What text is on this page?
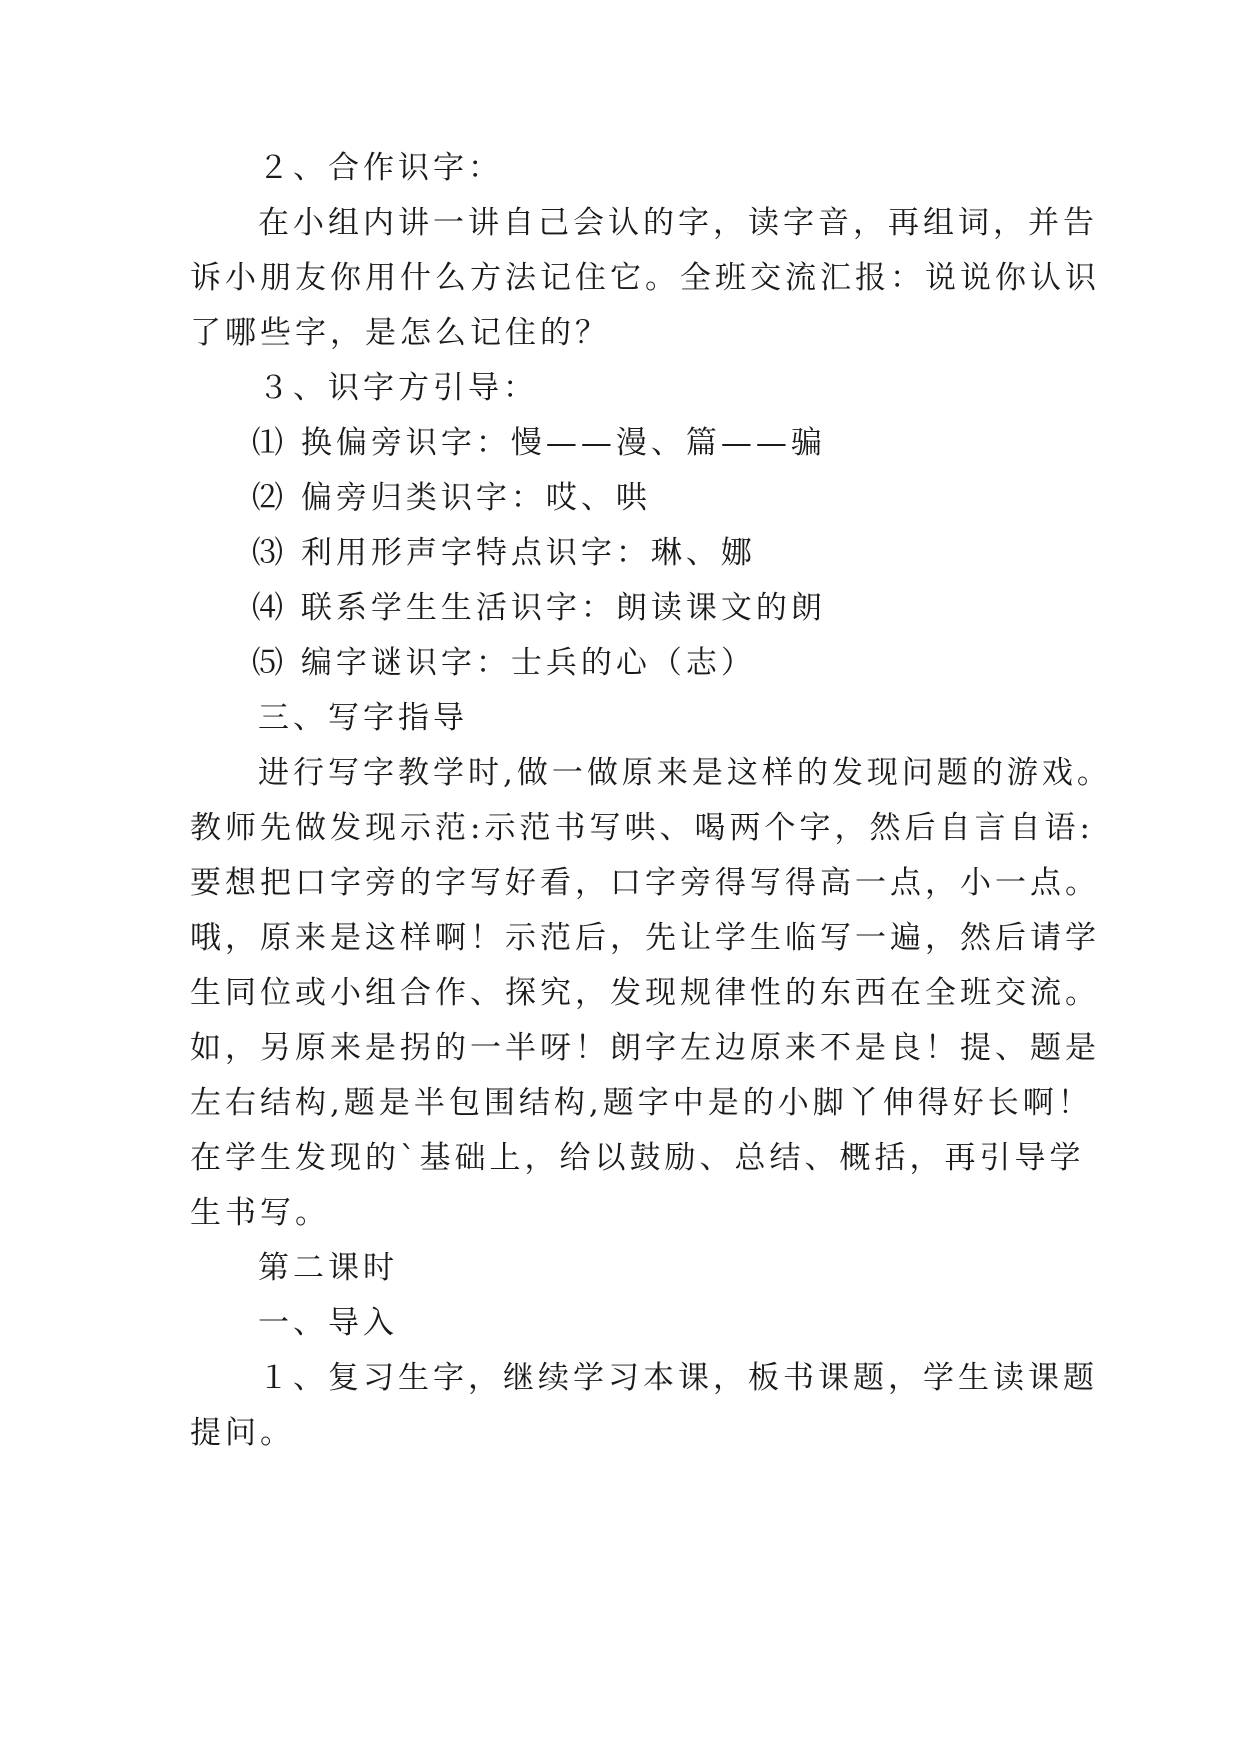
２、合作识字：
在小组内讲一讲自己会认的字，读字音，再组词，并告
诉小朋友你用什么方法记住它。全班交流汇报：说说你认识
了哪些字，是怎么记住的？
３、识字方引导：
⑴ 换偏旁识字：慢——漫、篇——骗
⑵ 偏旁归类识字：哎、哄
⑶ 利用形声字特点识字：琳、娜
⑷ 联系学生生活识字：朗读课文的朗
⑸ 编字谜识字：士兵的心（志）
三、写字指导
进行写字教学时,做一做原来是这样的发现问题的游戏。
教师先做发现示范:示范书写哄、喝两个字，然后自言自语:
要想把口字旁的字写好看，口字旁得写得高一点，小一点。
哦，原来是这样啊！示范后，先让学生临写一遍，然后请学
生同位或小组合作、探究，发现规律性的东西在全班交流。
如，另原来是拐的一半呀！朗字左边原来不是良！提、题是
左右结构,题是半包围结构,题字中是的小脚丫伸得好长啊！
在学生发现的`基础上，给以鼓励、总结、概括，再引导学
生书写。
第二课时
一、导入
１、复习生字，继续学习本课，板书课题，学生读课题
提问。
